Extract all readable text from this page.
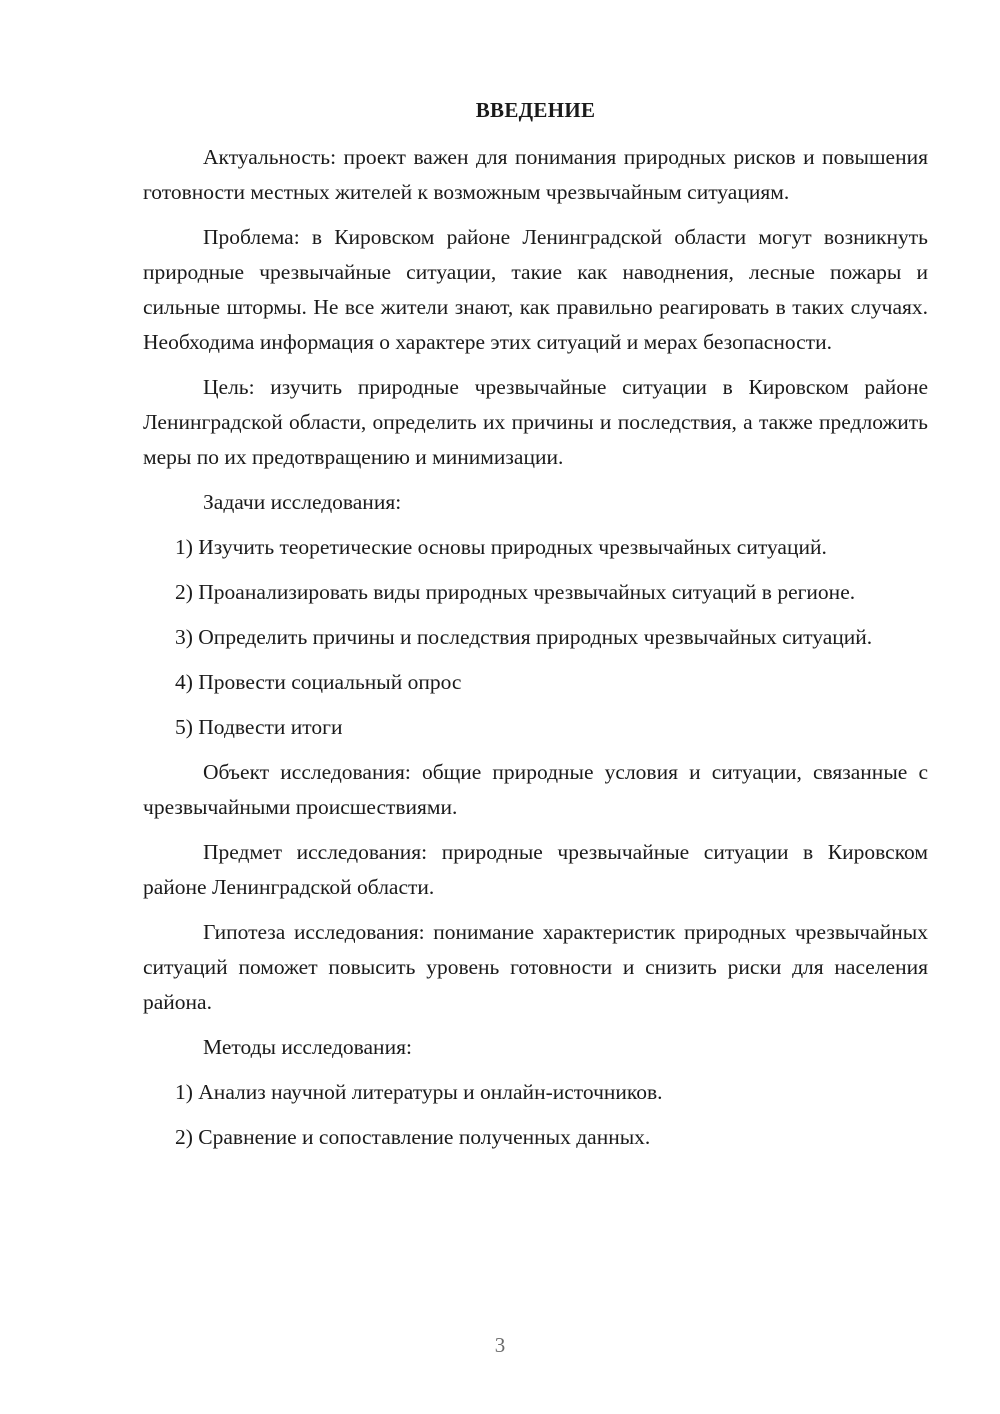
ВВЕДЕНИЕ

Актуальность: проект важен для понимания природных рисков и повышения готовности местных жителей к возможным чрезвычайным ситуациям.

Проблема: в Кировском районе Ленинградской области могут возникнуть природные чрезвычайные ситуации, такие как наводнения, лесные пожары и сильные штормы. Не все жители знают, как правильно реагировать в таких случаях. Необходима информация о характере этих ситуаций и мерах безопасности.

Цель: изучить природные чрезвычайные ситуации в Кировском районе Ленинградской области, определить их причины и последствия, а также предложить меры по их предотвращению и минимизации.

Задачи исследования:

1) Изучить теоретические основы природных чрезвычайных ситуаций.

2) Проанализировать виды природных чрезвычайных ситуаций в регионе.

3) Определить причины и последствия природных чрезвычайных ситуаций.

4) Провести социальный опрос

5) Подвести итоги

Объект исследования: общие природные условия и ситуации, связанные с чрезвычайными происшествиями.

Предмет исследования: природные чрезвычайные ситуации в Кировском районе Ленинградской области.

Гипотеза исследования: понимание характеристик природных чрезвычайных ситуаций поможет повысить уровень готовности и снизить риски для населения района.

Методы исследования:

1) Анализ научной литературы и онлайн-источников.

2) Сравнение и сопоставление полученных данных.

3
